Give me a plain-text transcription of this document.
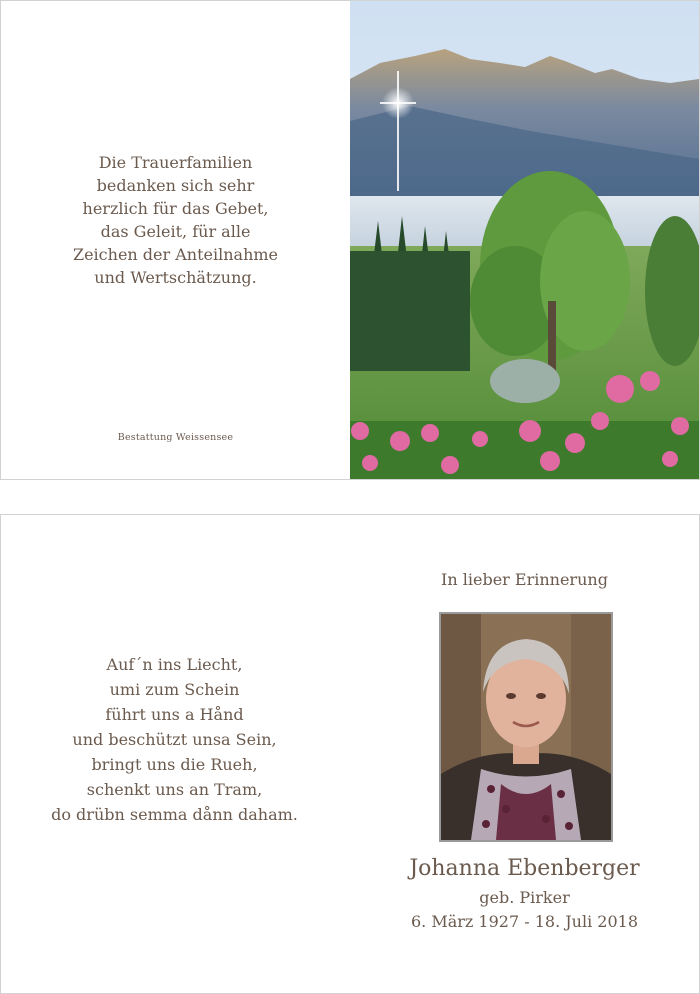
Die Trauerfamilien
bedanken sich sehr
herzlich für das Gebet,
das Geleit, für alle
Zeichen der Anteilnahme
und Wertschätzung.
Bestattung Weissensee
Auf´n ins Liecht,
umi zum Schein
führt uns a Hånd
und beschützt unsa Sein,
bringt uns die Rueh,
schenkt uns an Tram,
do drübn semma dånn daham.
In lieber Erinnerung
Johanna Ebenberger
geb. Pirker
6. März 1927 - 18. Juli 2018
